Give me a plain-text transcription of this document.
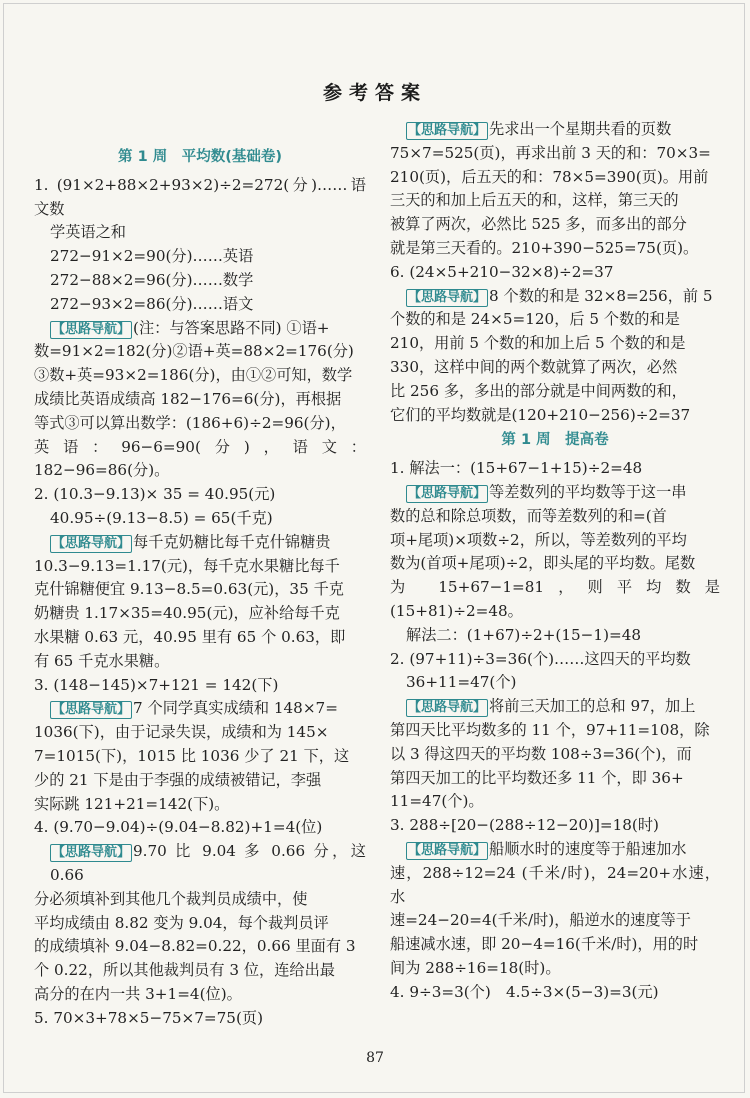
参考答案
第 1 周　平均数(基础卷)

1. (91×2+88×2+93×2)÷2=272(分)……语文数

学英语之和

272−91×2=90(分)……英语

272−88×2=96(分)……数学

272−93×2=86(分)……语文

【思路导航】 (注：与答案思路不同) ①语+

数=91×2=182(分)②语+英=88×2=176(分)

③数+英=93×2=186(分)，由①②可知，数学

成绩比英语成绩高 182−176=6(分)，再根据

等式③可以算出数学：(186+6)÷2=96(分)，

英语：96−6=90(分)，语文：182−96=86(分)。

2. (10.3−9.13)× 35 = 40.95(元)

40.95÷(9.13−8.5) = 65(千克)

【思路导航】 每千克奶糖比每千克什锦糖贵

10.3−9.13=1.17(元)，每千克水果糖比每千

克什锦糖便宜 9.13−8.5=0.63(元)，35 千克

奶糖贵 1.17×35=40.95(元)，应补给每千克

水果糖 0.63 元，40.95 里有 65 个 0.63，即

有 65 千克水果糖。

3. (148−145)×7+121 = 142(下)

【思路导航】 7 个同学真实成绩和 148×7=

1036(下)，由于记录失误，成绩和为 145×

7=1015(下)，1015 比 1036 少了 21 下，这

少的 21 下是由于李强的成绩被错记，李强

实际跳 121+21=142(下)。

4. (9.70−9.04)÷(9.04−8.82)+1=4(位)

【思路导航】 9.70 比 9.04 多 0.66 分，这 0.66

分必须填补到其他几个裁判员成绩中，使

平均成绩由 8.82 变为 9.04，每个裁判员评

的成绩填补 9.04−8.82=0.22，0.66 里面有 3

个 0.22，所以其他裁判员有 3 位，连给出最

高分的在内一共 3+1=4(位)。

5. 70×3+78×5−75×7=75(页)

【思路导航】 先求出一个星期共看的页数

75×7=525(页)，再求出前 3 天的和：70×3=

210(页)，后五天的和：78×5=390(页)。用前

三天的和加上后五天的和，这样，第三天的

被算了两次，必然比 525 多，而多出的部分

就是第三天看的。210+390−525=75(页)。

6. (24×5+210−32×8)÷2=37

【思路导航】 8 个数的和是 32×8=256，前 5

个数的和是 24×5=120，后 5 个数的和是

210，用前 5 个数的和加上后 5 个数的和是

330，这样中间的两个数就算了两次，必然

比 256 多，多出的部分就是中间两数的和，

它们的平均数就是(120+210−256)÷2=37

第 1 周　提高卷

1. 解法一：(15+67−1+15)÷2=48

【思路导航】 等差数列的平均数等于这一串

数的总和除总项数，而等差数列的和=(首

项+尾项)×项数÷2，所以，等差数列的平均

数为(首项+尾项)÷2，即头尾的平均数。尾数

为 15+67−1=81，则平均数是(15+81)÷2=48。

解法二：(1+67)÷2+(15−1)=48

2. (97+11)÷3=36(个)……这四天的平均数

36+11=47(个)

【思路导航】 将前三天加工的总和 97，加上

第四天比平均数多的 11 个，97+11=108，除

以 3 得这四天的平均数 108÷3=36(个)，而

第四天加工的比平均数还多 11 个，即 36+

11=47(个)。

3. 288÷[20−(288÷12−20)]=18(时)

【思路导航】 船顺水时的速度等于船速加水

速，288÷12=24 (千米/时)，24=20+水速，水

速=24−20=4(千米/时)，船逆水的速度等于

船速减水速，即 20−4=16(千米/时)，用的时

间为 288÷16=18(时)。

4. 9÷3=3(个)　4.5÷3×(5−3)=3(元)

87
